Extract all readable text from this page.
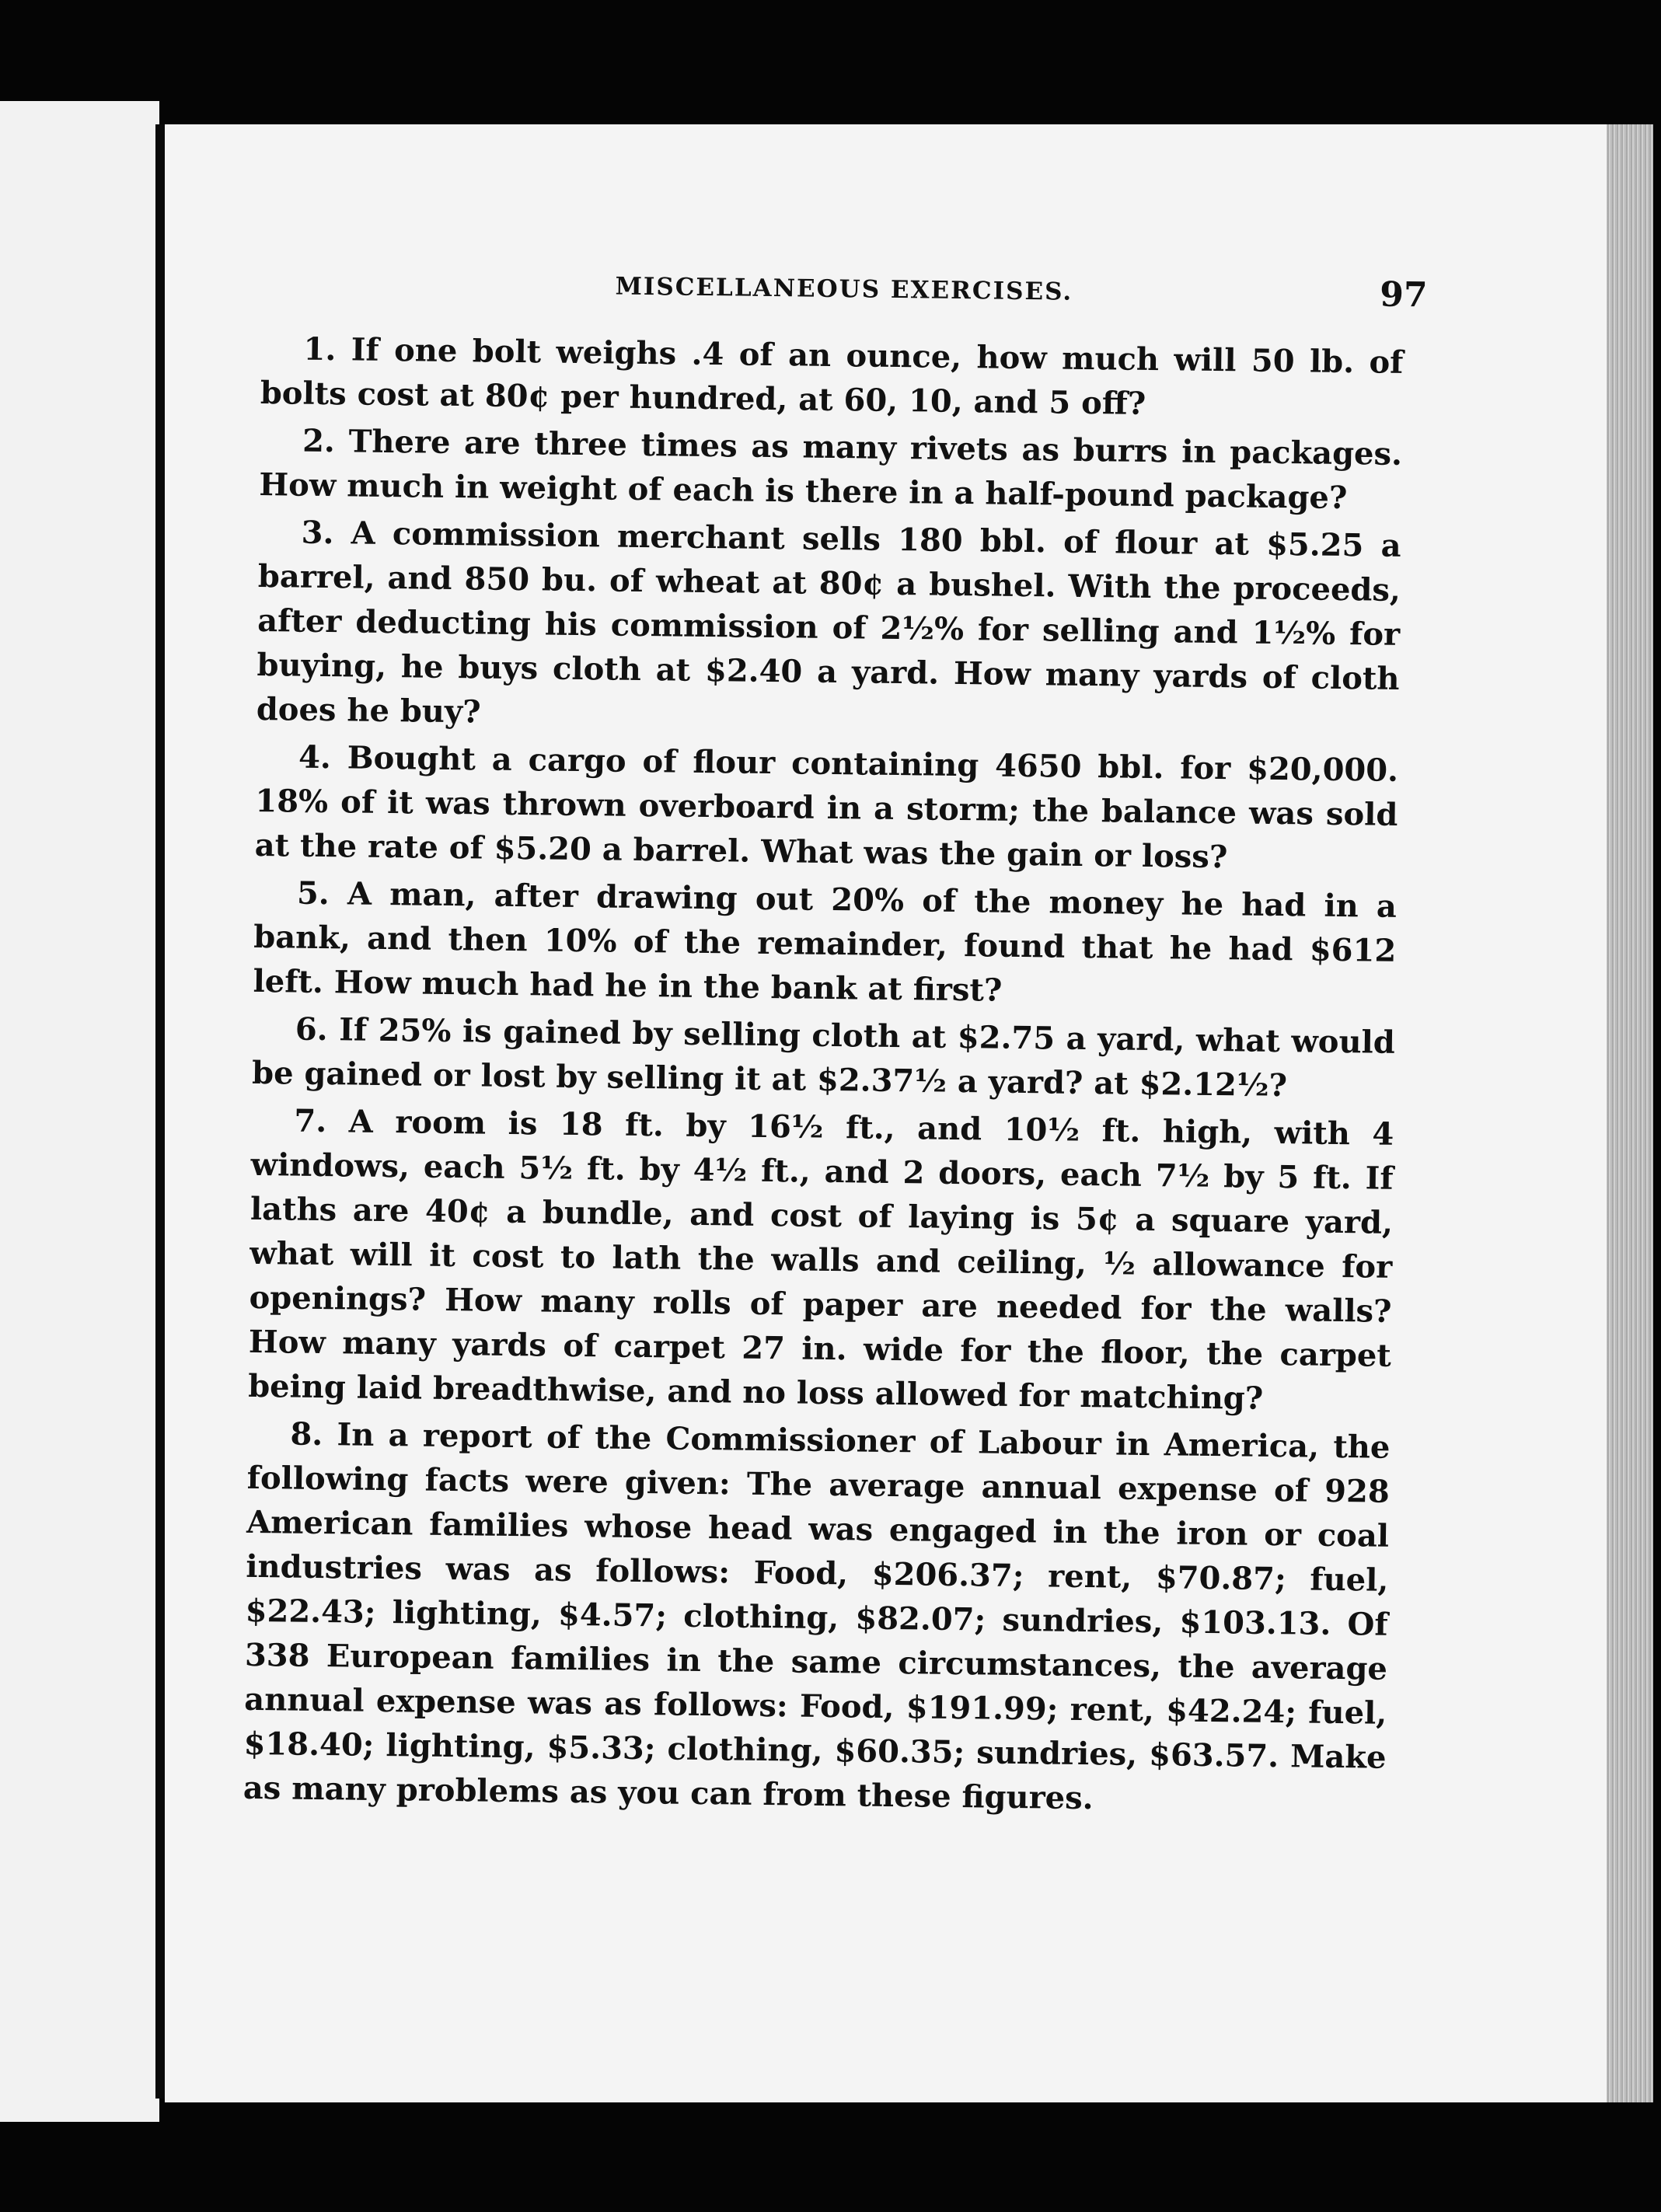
MISCELLANEOUS EXERCISES.	97

1. If one bolt weighs .4 of an ounce, how much will 50 lb. of bolts cost at 80¢ per hundred, at 60, 10, and 5 off?

2. There are three times as many rivets as burrs in packages. How much in weight of each is there in a half-pound package?

3. A commission merchant sells 180 bbl. of flour at $5.25 a barrel, and 850 bu. of wheat at 80¢ a bushel. With the proceeds, after deducting his commission of 2½% for selling and 1½% for buying, he buys cloth at $2.40 a yard. How many yards of cloth does he buy?

4. Bought a cargo of flour containing 4650 bbl. for $20,000. 18% of it was thrown overboard in a storm; the balance was sold at the rate of $5.20 a barrel. What was the gain or loss?

5. A man, after drawing out 20% of the money he had in a bank, and then 10% of the remainder, found that he had $612 left. How much had he in the bank at first?

6. If 25% is gained by selling cloth at $2.75 a yard, what would be gained or lost by selling it at $2.37½ a yard? at $2.12½?

7. A room is 18 ft. by 16½ ft., and 10½ ft. high, with 4 windows, each 5½ ft. by 4½ ft., and 2 doors, each 7½ by 5 ft. If laths are 40¢ a bundle, and cost of laying is 5¢ a square yard, what will it cost to lath the walls and ceiling, ½ allowance for openings? How many rolls of paper are needed for the walls? How many yards of carpet 27 in. wide for the floor, the carpet being laid breadthwise, and no loss allowed for matching?

8. In a report of the Commissioner of Labour in America, the following facts were given: The average annual expense of 928 American families whose head was engaged in the iron or coal industries was as follows: Food, $206.37; rent, $70.87; fuel, $22.43; lighting, $4.57; clothing, $82.07; sundries, $103.13. Of 338 European families in the same circumstances, the average annual expense was as follows: Food, $191.99; rent, $42.24; fuel, $18.40; lighting, $5.33; clothing, $60.35; sundries, $63.57. Make as many problems as you can from these figures.
